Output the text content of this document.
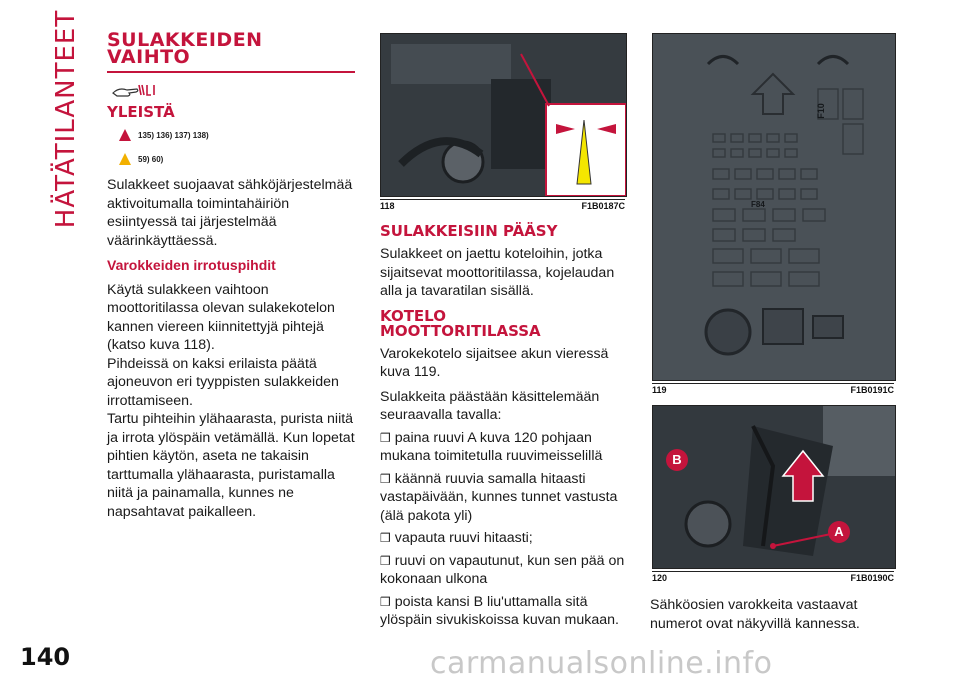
HÄTÄTILANTEET SULAKKEIDEN
VAIHTO
YLEISTÄ
135) 136) 137) 138)
59) 60)

Sulakkeet suojaavat sähköjärjestelmää aktivoitumalla toimintahäiriön esiintyessä tai järjestelmää väärinkäyttäessä.

Varokkeiden irrotuspihdit

Käytä sulakkeen vaihtoon moottoritilassa olevan sulakekotelon kannen viereen kiinnitettyjä pihtejä (katso kuva 118).

Pihdeissä on kaksi erilaista päätä ajoneuvon eri tyyppisten sulakkeiden irrottamiseen.

Tartu pihteihin ylähaarasta, purista niitä ja irrota ylöspäin vetämällä. Kun lopetat pihtien käytön, aseta ne takaisin tarttumalla ylähaarasta, puristamalla niitä ja painamalla, kunnes ne napsahtavat paikalleen.

118	F1B0187C
SULAKKEISIIN PÄÄSY

Sulakkeet on jaettu koteloihin, jotka sijaitsevat moottoritilassa, kojelaudan alla ja tavaratilan sisällä.

KOTELO
MOOTTORITILASSA

Varokekotelo sijaitsee akun vieressä kuva 119.

Sulakkeita päästään käsittelemään seuraavalla tavalla:

❒ paina ruuvi A kuva 120 pohjaan mukana toimitetulla ruuvimeisselillä

❒ käännä ruuvia samalla hitaasti vastapäivään, kunnes tunnet vastusta (älä pakota yli)

❒ vapauta ruuvi hitaasti;

❒ ruuvi on vapautunut, kun sen pää on kokonaan ulkona

❒ poista kansi B liu'uttamalla sitä ylöspäin sivukiskoissa kuvan mukaan.

F10
F84
119	F1B0191C
B
A
120	F1B0190C

Sähköosien varokkeita vastaavat numerot ovat näkyvillä kannessa.

140	carmanualsonline.info
